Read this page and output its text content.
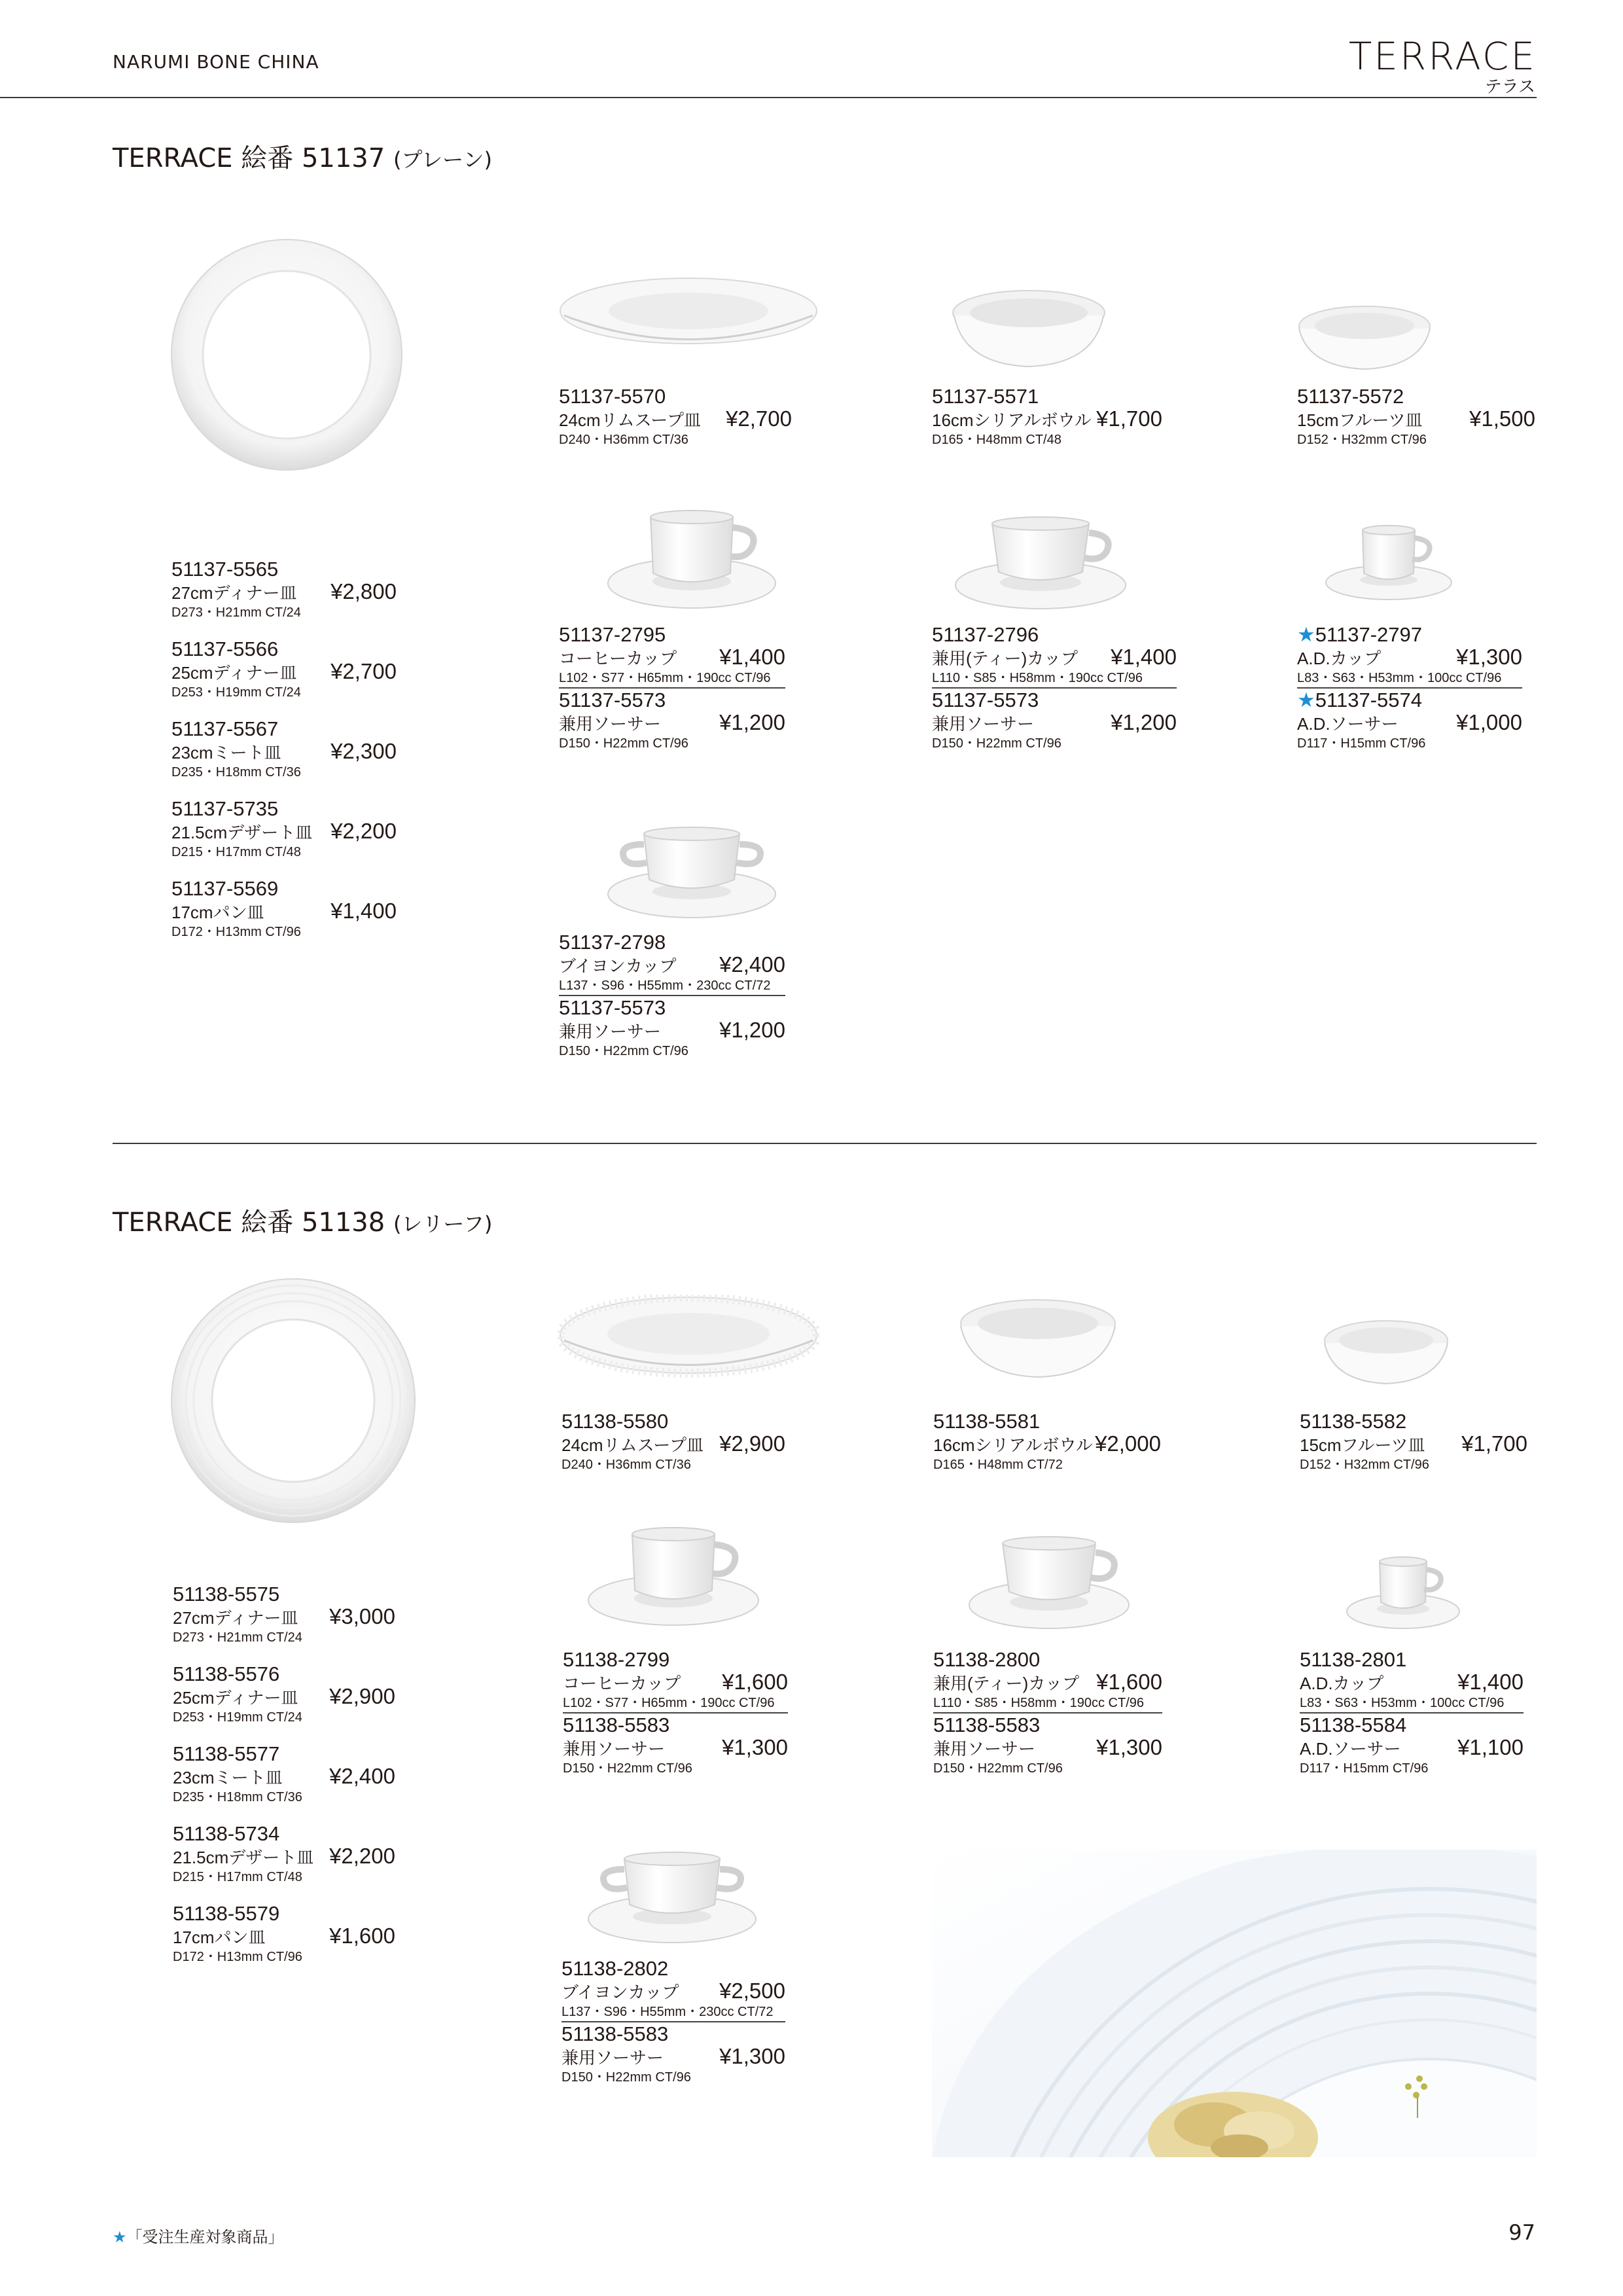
NARUMI BONE CHINA	TERRACE
テラス
TERRACE 絵番 51137 (プレーン)
51137-5565
27cmディナー皿 ¥2,800
D273・H21mm CT/24
51137-5566
25cmディナー皿 ¥2,700
D253・H19mm CT/24
51137-5567
23cmミート皿 ¥2,300
D235・H18mm CT/36
51137-5735
21.5cmデザート皿 ¥2,200
D215・H17mm CT/48
51137-5569
17cmパン皿	¥1,400
D172・H13mm CT/96
51137-5570
24cmリムスープ皿 ¥2,700
D240・H36mm CT/36
51137-5571
16cmシリアルボウル ¥1,700
D165・H48mm CT/48
51137-5572
15cmフルーツ皿 ¥1,500
D152・H32mm CT/96
51137-2795
コーヒーカップ ¥1,400
L102・S77・H65mm・190cc CT/96
51137-5573
兼用ソーサー	¥1,200
D150・H22mm CT/96
51137-2796
兼用(ティー)カップ ¥1,400
L110・S85・H58mm・190cc CT/96
51137-5573
兼用ソーサー	¥1,200
D150・H22mm CT/96
★51137-2797
A.D.カップ	¥1,300
L83・S63・H53mm・100cc CT/96
★51137-5574
A.D.ソーサー	¥1,000
D117・H15mm CT/96
51137-2798
ブイヨンカップ ¥2,400
L137・S96・H55mm・230cc CT/72
51137-5573
兼用ソーサー	¥1,200
D150・H22mm CT/96
TERRACE 絵番 51138 (レリーフ)
51138-5575
27cmディナー皿 ¥3,000
D273・H21mm CT/24
51138-5576
25cmディナー皿 ¥2,900
D253・H19mm CT/24
51138-5577
23cmミート皿 ¥2,400
D235・H18mm CT/36
51138-5734
21.5cmデザート皿 ¥2,200
D215・H17mm CT/48
51138-5579
17cmパン皿	¥1,600
D172・H13mm CT/96
51138-5580
24cmリムスープ皿 ¥2,900
D240・H36mm CT/36
51138-5581
16cmシリアルボウル ¥2,000
D165・H48mm CT/72
51138-5582
15cmフルーツ皿 ¥1,700
D152・H32mm CT/96
51138-2799
コーヒーカップ ¥1,600
L102・S77・H65mm・190cc CT/96
51138-5583
兼用ソーサー	¥1,300
D150・H22mm CT/96
51138-2800
兼用(ティー)カップ ¥1,600
L110・S85・H58mm・190cc CT/96
51138-5583
兼用ソーサー	¥1,300
D150・H22mm CT/96
51138-2801
A.D.カップ	¥1,400
L83・S63・H53mm・100cc CT/96
51138-5584
A.D.ソーサー	¥1,100
D117・H15mm CT/96
51138-2802
ブイヨンカップ ¥2,500
L137・S96・H55mm・230cc CT/72
51138-5583
兼用ソーサー	¥1,300
D150・H22mm CT/96
★「受注生産対象商品」	97
